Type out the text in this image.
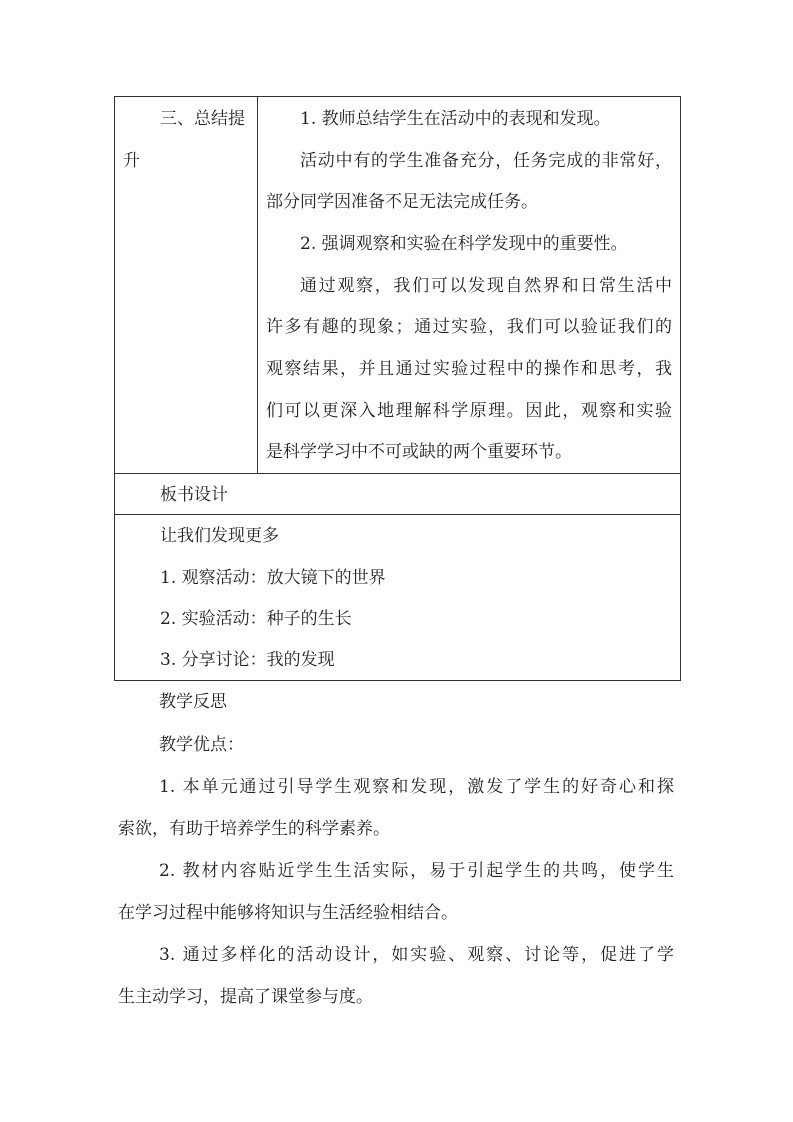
三、总结提
升
1. 教师总结学生在活动中的表现和发现。
活动中有的学生准备充分，任务完成的非常好，
部分同学因准备不足无法完成任务。
2. 强调观察和实验在科学发现中的重要性。
通过观察，我们可以发现自然界和日常生活中
许多有趣的现象；通过实验，我们可以验证我们的
观察结果，并且通过实验过程中的操作和思考，我
们可以更深入地理解科学原理。因此，观察和实验
是科学学习中不可或缺的两个重要环节。
板书设计
让我们发现更多
1. 观察活动：放大镜下的世界
2. 实验活动：种子的生长
3. 分享讨论：我的发现
教学反思
教学优点：
1. 本单元通过引导学生观察和发现，激发了学生的好奇心和探
索欲，有助于培养学生的科学素养。
2. 教材内容贴近学生生活实际，易于引起学生的共鸣，使学生
在学习过程中能够将知识与生活经验相结合。
3. 通过多样化的活动设计，如实验、观察、讨论等，促进了学
生主动学习，提高了课堂参与度。
